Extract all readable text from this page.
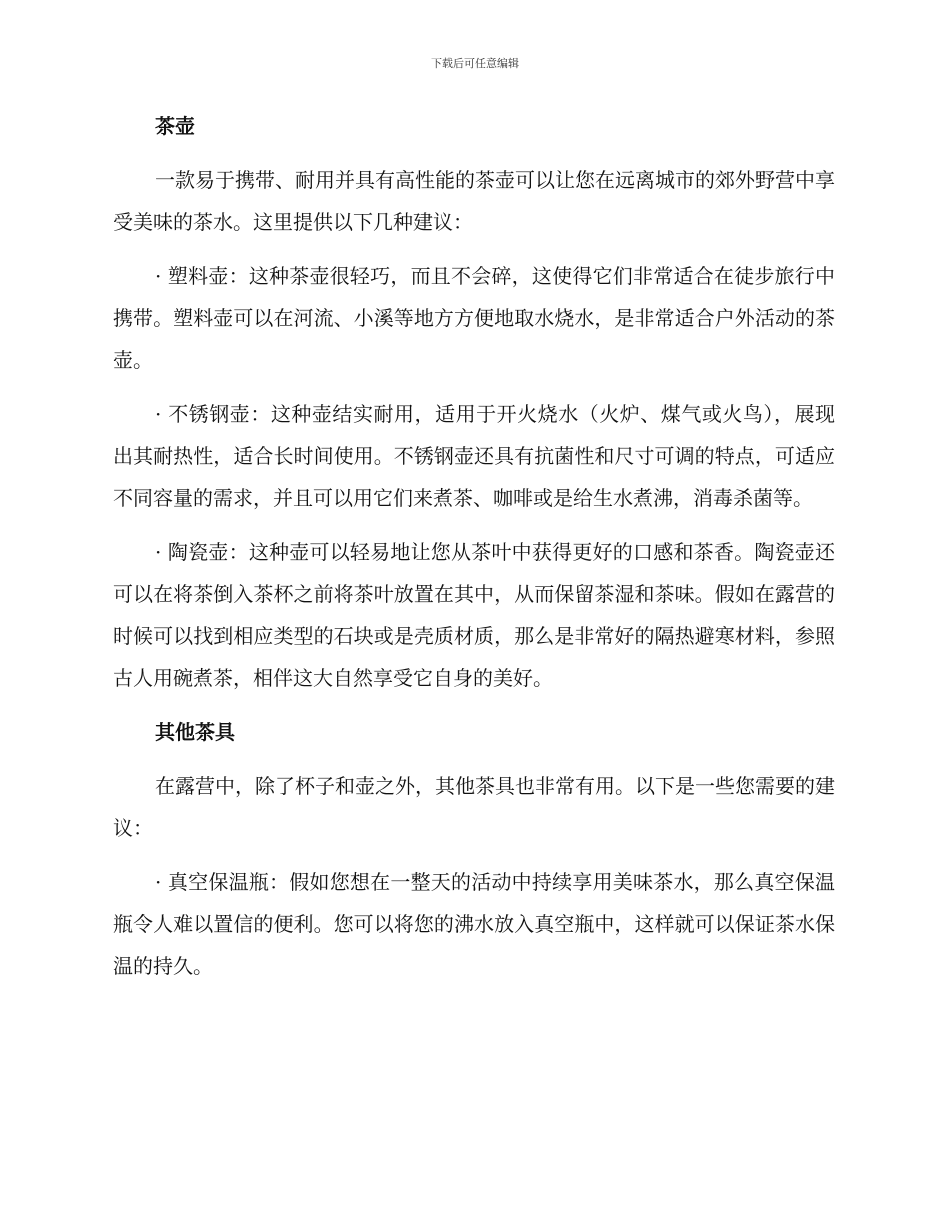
下载后可任意编辑
茶壶

一款易于携带、耐用并具有高性能的茶壶可以让您在远离城市的郊外野营中享受美味的茶水。这里提供以下几种建议：

· 塑料壶：这种茶壶很轻巧，而且不会碎，这使得它们非常适合在徒步旅行中携带。塑料壶可以在河流、小溪等地方方便地取水烧水，是非常适合户外活动的茶壶。

· 不锈钢壶：这种壶结实耐用，适用于开火烧水（火炉、煤气或火鸟），展现出其耐热性，适合长时间使用。不锈钢壶还具有抗菌性和尺寸可调的特点，可适应不同容量的需求，并且可以用它们来煮茶、咖啡或是给生水煮沸，消毒杀菌等。

· 陶瓷壶：这种壶可以轻易地让您从茶叶中获得更好的口感和茶香。陶瓷壶还可以在将茶倒入茶杯之前将茶叶放置在其中，从而保留茶湿和茶味。假如在露营的时候可以找到相应类型的石块或是壳质材质，那么是非常好的隔热避寒材料，参照古人用碗煮茶，相伴这大自然享受它自身的美好。

其他茶具

在露营中，除了杯子和壶之外，其他茶具也非常有用。以下是一些您需要的建议：

· 真空保温瓶：假如您想在一整天的活动中持续享用美味茶水，那么真空保温瓶令人难以置信的便利。您可以将您的沸水放入真空瓶中，这样就可以保证茶水保温的持久。
